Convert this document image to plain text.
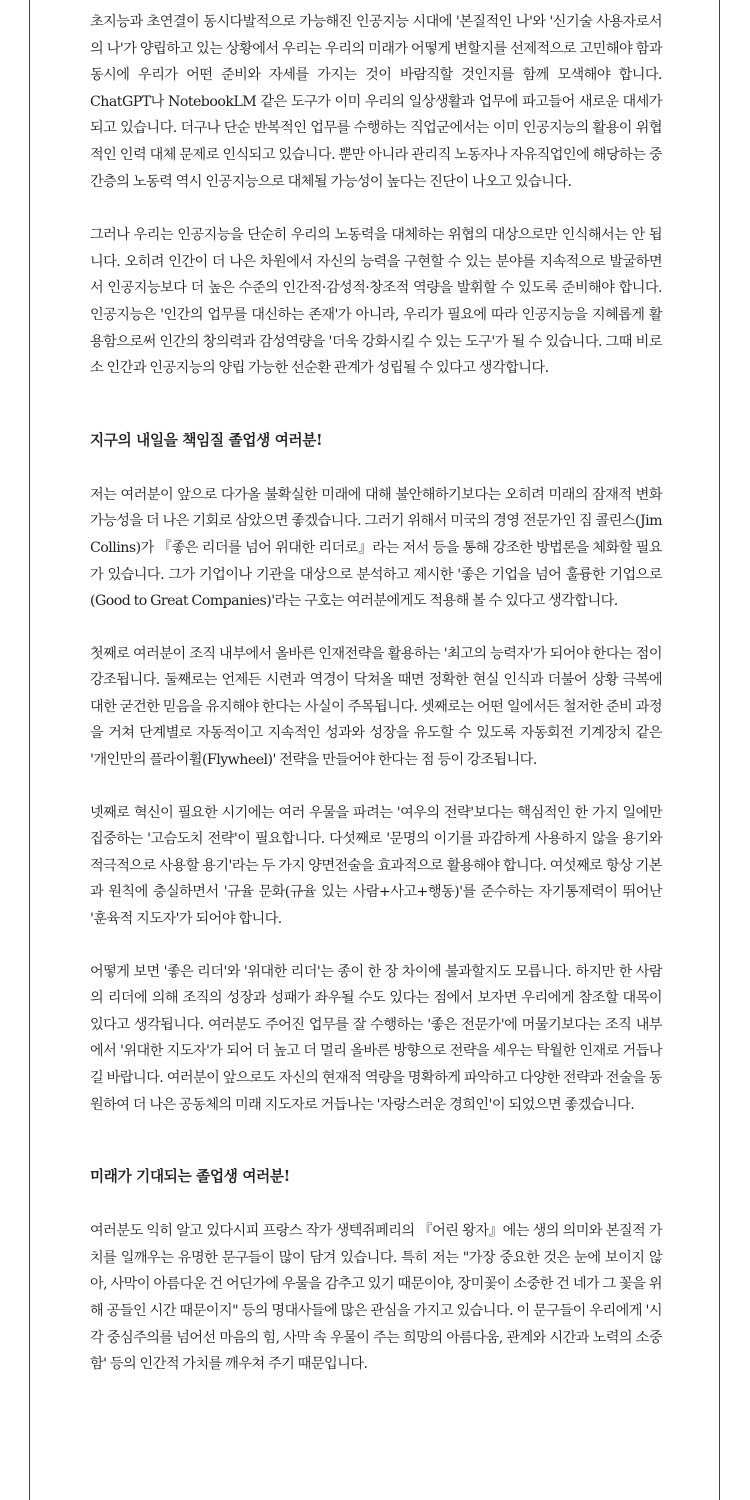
초지능과 초연결이 동시다발적으로 가능해진 인공지능 시대에 '본질적인 나'와 '신기술 사용자로서의 나'가 양립하고 있는 상황에서 우리는 우리의 미래가 어떻게 변할지를 선제적으로 고민해야 함과 동시에 우리가 어떤 준비와 자세를 가지는 것이 바람직할 것인지를 함께 모색해야 합니다. ChatGPT나 NotebookLM 같은 도구가 이미 우리의 일상생활과 업무에 파고들어 새로운 대세가 되고 있습니다. 더구나 단순 반복적인 업무를 수행하는 직업군에서는 이미 인공지능의 활용이 위협적인 인력 대체 문제로 인식되고 있습니다. 뿐만 아니라 관리직 노동자나 자유직업인에 해당하는 중간층의 노동력 역시 인공지능으로 대체될 가능성이 높다는 진단이 나오고 있습니다.

그러나 우리는 인공지능을 단순히 우리의 노동력을 대체하는 위협의 대상으로만 인식해서는 안 됩니다. 오히려 인간이 더 나은 차원에서 자신의 능력을 구현할 수 있는 분야를 지속적으로 발굴하면서 인공지능보다 더 높은 수준의 인간적·감성적·창조적 역량을 발휘할 수 있도록 준비해야 합니다. 인공지능은 '인간의 업무를 대신하는 존재'가 아니라, 우리가 필요에 따라 인공지능을 지혜롭게 활용함으로써 인간의 창의력과 감성역량을 '더욱 강화시킬 수 있는 도구'가 될 수 있습니다. 그때 비로소 인간과 인공지능의 양립 가능한 선순환 관계가 성립될 수 있다고 생각합니다.

지구의 내일을 책임질 졸업생 여러분!

저는 여러분이 앞으로 다가올 불확실한 미래에 대해 불안해하기보다는 오히려 미래의 잠재적 변화 가능성을 더 나은 기회로 삼았으면 좋겠습니다. 그러기 위해서 미국의 경영 전문가인 짐 콜린스(Jim Collins)가 『좋은 리더를 넘어 위대한 리더로』라는 저서 등을 통해 강조한 방법론을 체화할 필요가 있습니다. 그가 기업이나 기관을 대상으로 분석하고 제시한 '좋은 기업을 넘어 훌륭한 기업으로(Good to Great Companies)'라는 구호는 여러분에게도 적용해 볼 수 있다고 생각합니다.

첫째로 여러분이 조직 내부에서 올바른 인재전략을 활용하는 '최고의 능력자'가 되어야 한다는 점이 강조됩니다. 둘째로는 언제든 시련과 역경이 닥쳐올 때면 정확한 현실 인식과 더불어 상황 극복에 대한 굳건한 믿음을 유지해야 한다는 사실이 주목됩니다. 셋째로는 어떤 일에서든 철저한 준비 과정을 거쳐 단계별로 자동적이고 지속적인 성과와 성장을 유도할 수 있도록 자동회전 기계장치 같은 '개인만의 플라이휠(Flywheel)' 전략을 만들어야 한다는 점 등이 강조됩니다.

넷째로 혁신이 필요한 시기에는 여러 우물을 파려는 '여우의 전략'보다는 핵심적인 한 가지 일에만 집중하는 '고슴도치 전략'이 필요합니다. 다섯째로 '문명의 이기를 과감하게 사용하지 않을 용기와 적극적으로 사용할 용기'라는 두 가지 양면전술을 효과적으로 활용해야 합니다. 여섯째로 항상 기본과 원칙에 충실하면서 '규율 문화(규율 있는 사람+사고+행동)'를 준수하는 자기통제력이 뛰어난 '훈육적 지도자'가 되어야 합니다.

어떻게 보면 '좋은 리더'와 '위대한 리더'는 종이 한 장 차이에 불과할지도 모릅니다. 하지만 한 사람의 리더에 의해 조직의 성장과 성패가 좌우될 수도 있다는 점에서 보자면 우리에게 참조할 대목이 있다고 생각됩니다. 여러분도 주어진 업무를 잘 수행하는 '좋은 전문가'에 머물기보다는 조직 내부에서 '위대한 지도자'가 되어 더 높고 더 멀리 올바른 방향으로 전략을 세우는 탁월한 인재로 거듭나길 바랍니다. 여러분이 앞으로도 자신의 현재적 역량을 명확하게 파악하고 다양한 전략과 전술을 동원하여 더 나은 공동체의 미래 지도자로 거듭나는 '자랑스러운 경희인'이 되었으면 좋겠습니다.

미래가 기대되는 졸업생 여러분!

여러분도 익히 알고 있다시피 프랑스 작가 생텍쥐페리의 『어린 왕자』에는 생의 의미와 본질적 가치를 일깨우는 유명한 문구들이 많이 담겨 있습니다. 특히 저는 "가장 중요한 것은 눈에 보이지 않아, 사막이 아름다운 건 어딘가에 우물을 감추고 있기 때문이야, 장미꽃이 소중한 건 네가 그 꽃을 위해 공들인 시간 때문이지" 등의 명대사들에 많은 관심을 가지고 있습니다. 이 문구들이 우리에게 '시각 중심주의를 넘어선 마음의 힘, 사막 속 우물이 주는 희망의 아름다움, 관계와 시간과 노력의 소중함' 등의 인간적 가치를 깨우쳐 주기 때문입니다.
